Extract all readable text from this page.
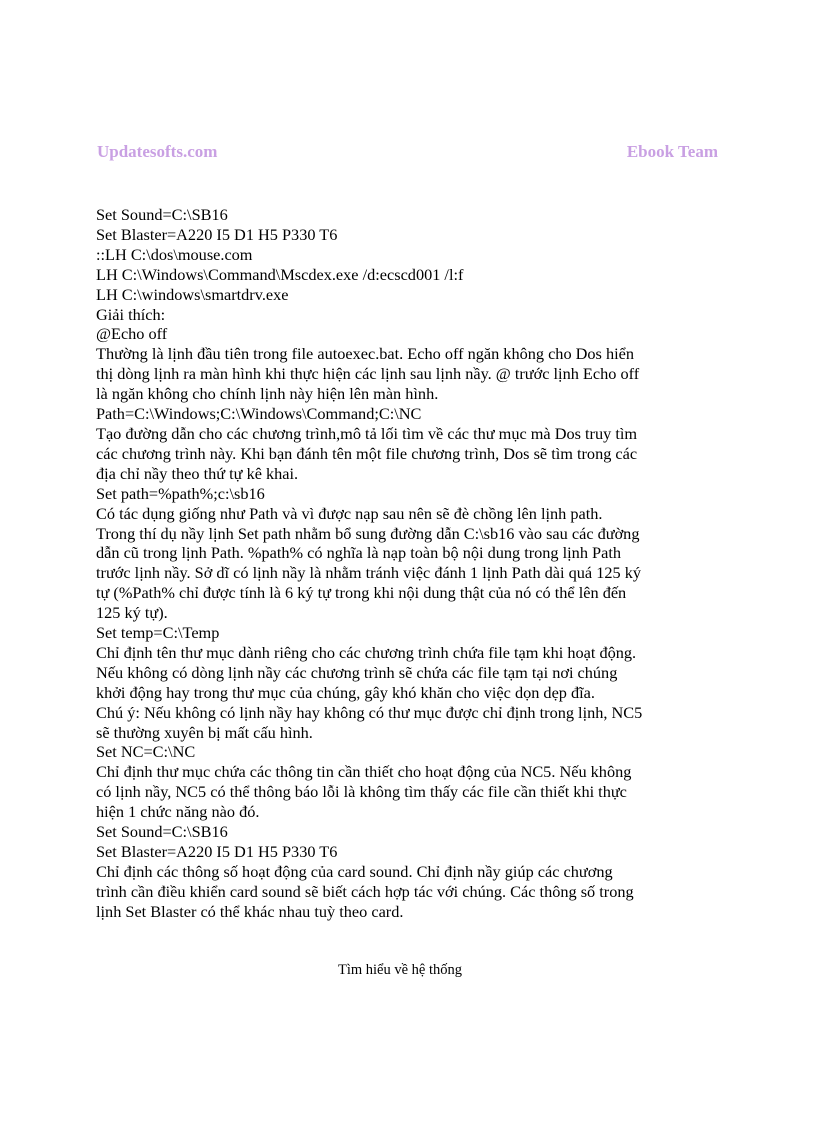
Updatesofts.com	Ebook Team

Set Sound=C:\SB16

Set Blaster=A220 I5 D1 H5 P330 T6

::LH C:\dos\mouse.com

LH C:\Windows\Command\Mscdex.exe /d:ecscd001 /l:f

LH C:\windows\smartdrv.exe

Giải thích:

@Echo off

Thường là lịnh đầu tiên trong file autoexec.bat. Echo off ngăn không cho Dos hiển
thị dòng lịnh ra màn hình khi thực hiện các lịnh sau lịnh nầy. @ trước lịnh Echo off
là ngăn không cho chính lịnh này hiện lên màn hình.

Path=C:\Windows;C:\Windows\Command;C:\NC

Tạo đường dẫn cho các chương trình,mô tả lối tìm về các thư mục mà Dos truy tìm
các chương trình này. Khi bạn đánh tên một file chương trình, Dos sẽ tìm trong các
địa chỉ nầy theo thứ tự kê khai.

Set path=%path%;c:\sb16

Có tác dụng giống như Path và vì được nạp sau nên sẽ đè chồng lên lịnh path.
Trong thí dụ nầy lịnh Set path nhằm bổ sung đường dẫn C:\sb16 vào sau các đường
dẫn cũ trong lịnh Path. %path% có nghĩa là nạp toàn bộ nội dung trong lịnh Path
trước lịnh nầy. Sở dĩ có lịnh nầy là nhằm tránh việc đánh 1 lịnh Path dài quá 125 ký
tự (%Path% chỉ được tính là 6 ký tự trong khi nội dung thật của nó có thể lên đến
125 ký tự).

Set temp=C:\Temp

Chỉ định tên thư mục dành riêng cho các chương trình chứa file tạm khi hoạt động.
Nếu không có dòng lịnh nầy các chương trình sẽ chứa các file tạm tại nơi chúng
khởi động hay trong thư mục của chúng, gây khó khăn cho việc dọn dẹp đĩa.

Chú ý: Nếu không có lịnh nầy hay không có thư mục được chỉ định trong lịnh, NC5
sẽ thường xuyên bị mất cấu hình.

Set NC=C:\NC

Chỉ định thư mục chứa các thông tin cần thiết cho hoạt động của NC5. Nếu không
có lịnh nầy, NC5 có thể thông báo lỗi là không tìm thấy các file cần thiết khi thực
hiện 1 chức năng nào đó.

Set Sound=C:\SB16

Set Blaster=A220 I5 D1 H5 P330 T6

Chỉ định các thông số hoạt động của card sound. Chỉ định nầy giúp các chương
trình cần điều khiển card sound sẽ biết cách hợp tác với chúng. Các thông số trong
lịnh Set Blaster có thể khác nhau tuỳ theo card.

Tìm hiểu về hệ thống
